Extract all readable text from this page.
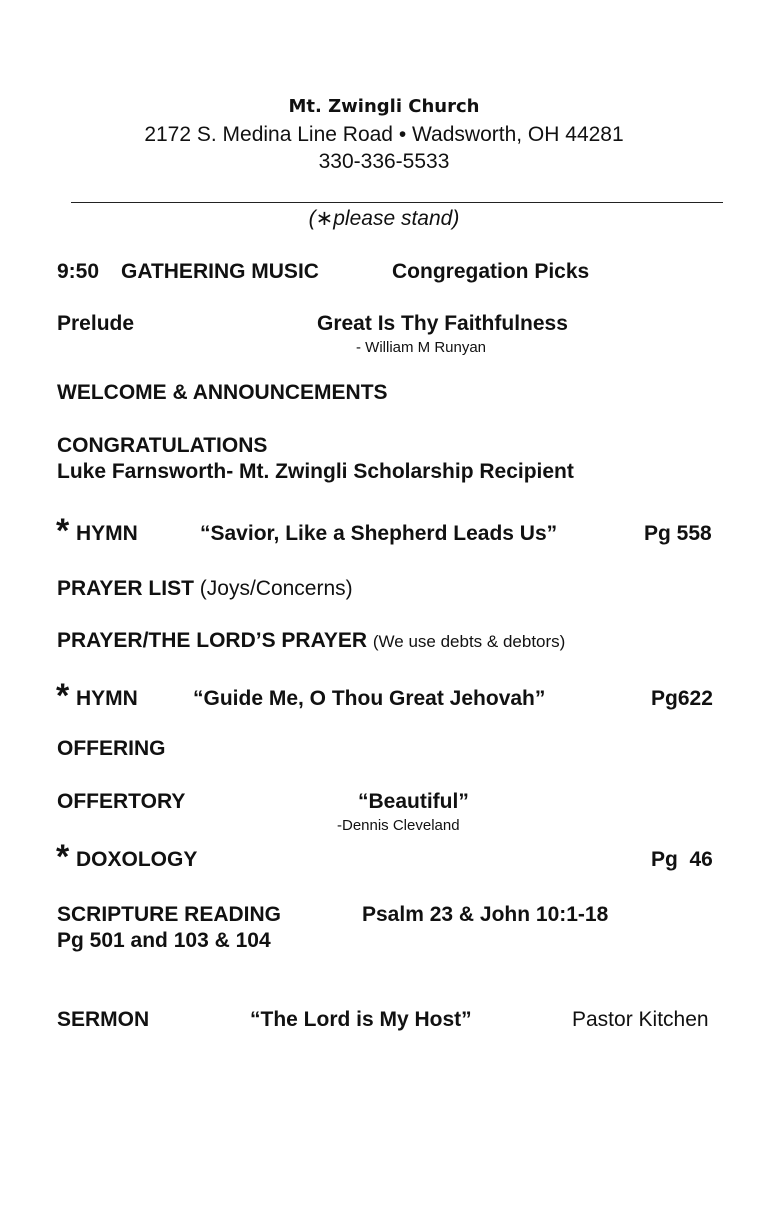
Mt. Zwingli Church
2172 S. Medina Line Road • Wadsworth, OH 44281
330-336-5533
(∗please stand)
9:50 GATHERING MUSIC	Congregation Picks
Prelude	Great Is Thy Faithfulness
- William M Runyan
WELCOME & ANNOUNCEMENTS
CONGRATULATIONS
Luke Farnsworth- Mt. Zwingli Scholarship Recipient
* HYMN	“Savior, Like a Shepherd Leads Us”	Pg 558
PRAYER LIST (Joys/Concerns)
PRAYER/THE LORD’S PRAYER (We use debts & debtors)
* HYMN	“Guide Me, O Thou Great Jehovah”	Pg622
OFFERING
OFFERTORY	“Beautiful”
-Dennis Cleveland
* DOXOLOGY	Pg  46
SCRIPTURE READING	Psalm 23 & John 10:1-18
Pg 501 and 103 & 104
SERMON	“The Lord is My Host”	Pastor Kitchen
